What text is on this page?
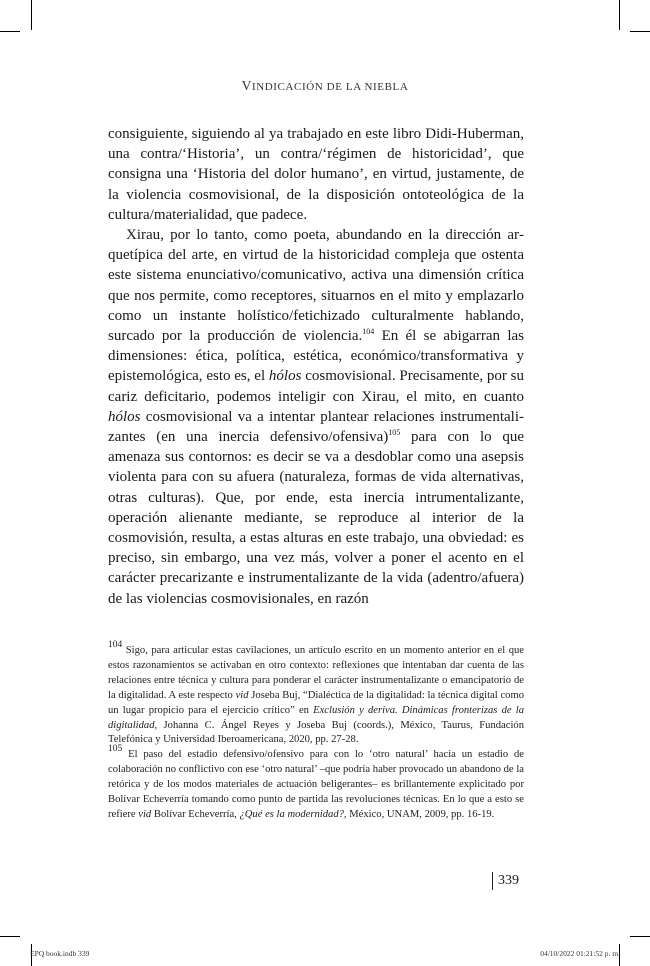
VINDICACIÓN DE LA NIEBLA

consiguiente, siguiendo al ya trabajado en este libro Didi-Huberman, una contra/‘Historia’, un contra/‘régimen de historicidad’, que consigna una ‘Historia del dolor humano’, en virtud, justamente, de la violencia cosmovisional, de la disposición ontoteológica de la cultura/materialidad, que padece.

Xirau, por lo tanto, como poeta, abundando en la dirección arquetípica del arte, en virtud de la historicidad compleja que ostenta este sistema enunciativo/comunicativo, activa una dimensión crítica que nos permite, como receptores, situarnos en el mito y emplazarlo como un instante holístico/fetichizado culturalmente hablando, surcado por la producción de violencia.$^{104}$ En él se abigarran las dimensiones: ética, política, estética, económico/transformativa y epistemológica, esto es, el hólos cosmovisional. Precisamente, por su cariz deficitario, podemos inteligir con Xirau, el mito, en cuanto hólos cosmovisional va a intentar plantear relaciones instrumentalizantes (en una inercia defensivo/ofensiva)$^{105}$ para con lo que amenaza sus contornos: es decir se va a desdoblar como una asepsis violenta para con su afuera (naturaleza, formas de vida alternativas, otras culturas). Que, por ende, esta inercia intrumentalizante, operación alienante mediante, se reproduce al interior de la cosmovisión, resulta, a estas alturas en este trabajo, una obviedad: es preciso, sin embargo, una vez más, volver a poner el acento en el carácter precarizante e instrumentalizante de la vida (adentro/afuera) de las violencias cosmovisionales, en razón

$^{104}$ Sigo, para articular estas cavilaciones, un artículo escrito en un momento anterior en el que estos razonamientos se activaban en otro contexto: reflexiones que intentaban dar cuenta de las relaciones entre técnica y cultura para ponderar el carácter instrumentalizante o emancipatorio de la digitalidad. A este respecto vid Joseba Buj, “Dialéctica de la digitalidad: la técnica digital como un lugar propicio para el ejercicio crítico” en Exclusión y deriva. Dinámicas fronterizas de la digitalidad, Johanna C. Ángel Reyes y Joseba Buj (coords.), México, Taurus, Fundación Telefónica y Universidad Iberoamericana, 2020, pp. 27-28.

$^{105}$ El paso del estadio defensivo/ofensivo para con lo ‘otro natural’ hacia un estadio de colaboración no conflictivo con ese ‘otro natural’ –que podría haber provocado un abandono de la retórica y de los modos materiales de actuación beligerantes– es brillantemente explicitado por Bolívar Echeverría tomando como punto de partida las revoluciones técnicas. En lo que a esto se refiere vid Bolívar Echeverría, ¿Qué es la modernidad?, México, UNAM, 2009, pp. 16-19.

339
EPQ book.indb 339	04/10/2022 01:21:52 p. m.
